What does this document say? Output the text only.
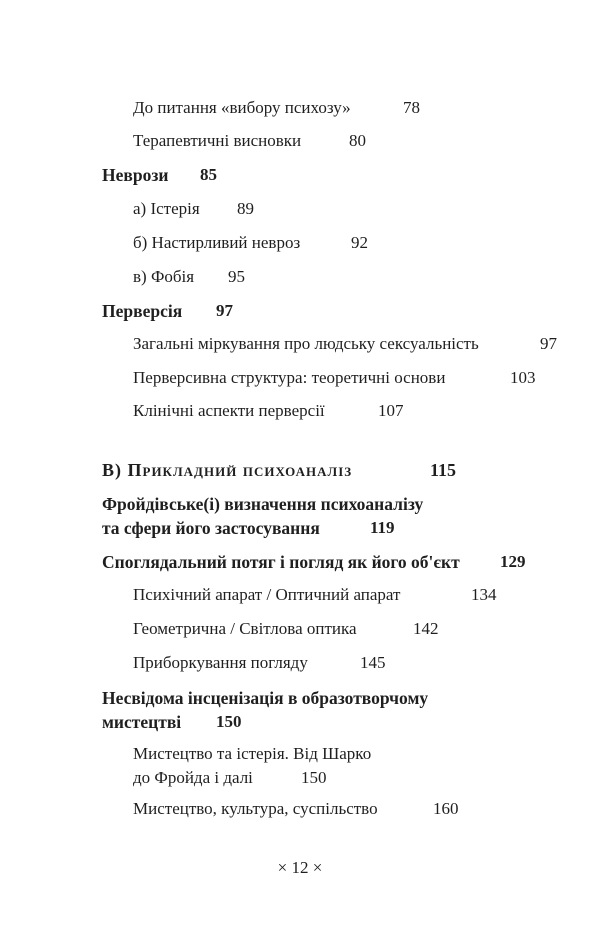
До питання «вибору психозу»	78
Терапевтичні висновки	80
Неврози 85
а) Істерія 89
б) Настирливий невроз	92
в) Фобія 95
Перверсія 97
Загальні міркування про людську сексуальність	97
Перверсивна структура: теоретичні основи	103
Клінічні аспекти перверсії	107
В) Прикладний психоаналіз	115
Фройдівське(і) визначення психоаналізу
та сфери його застосування	119
Споглядальний потяг і погляд як його об'єкт 129
Психічний апарат / Оптичний апарат	134
Геометрична / Світлова оптика	142
Приборкування погляду	145
Несвідома інсценізація в образотворчому
мистецтві 150
Мистецтво та істерія. Від Шарко
до Фройда і далі	150
Мистецтво, культура, суспільство	160
× 12 ×
